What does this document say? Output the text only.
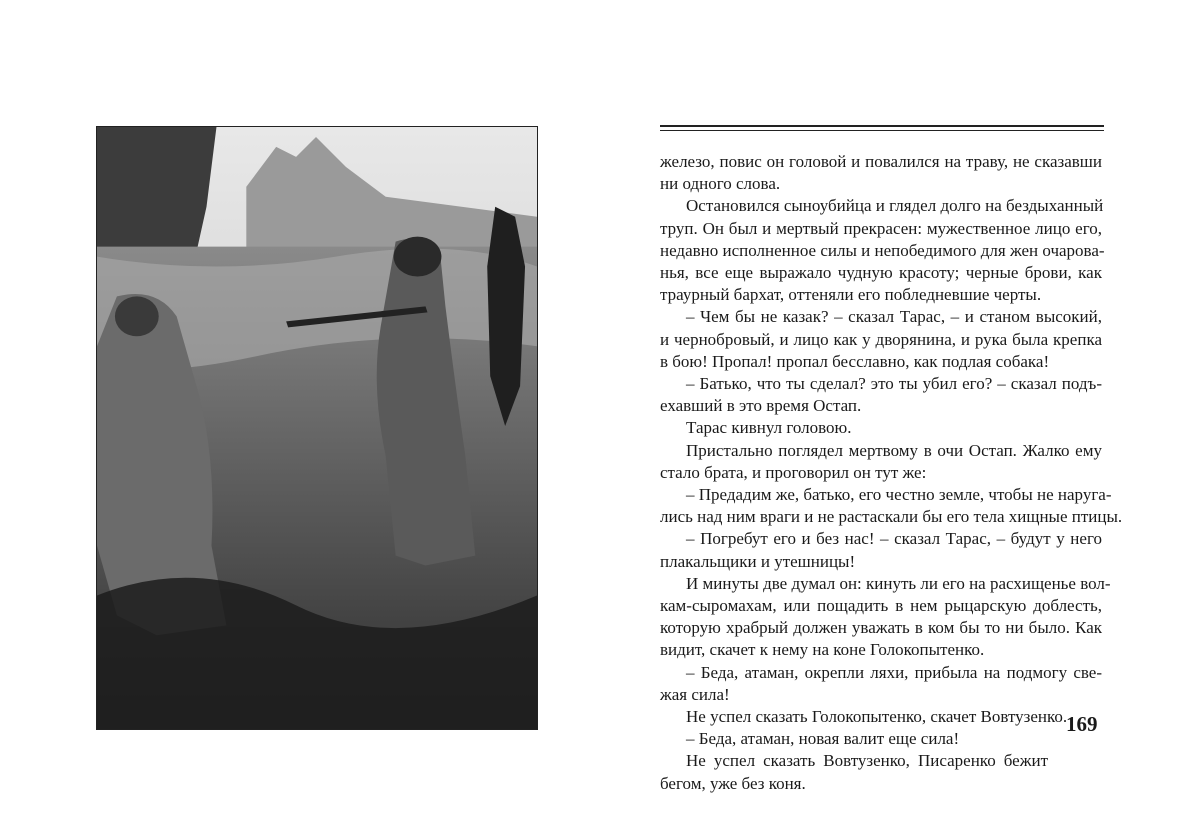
железо, повис он головой и повалился на траву, не сказавши
ни одного слова.
Остановился сыноубийца и глядел долго на бездыханный
труп. Он был и мертвый прекрасен: мужественное лицо его,
недавно исполненное силы и непобедимого для жен очарова-
нья, все еще выражало чудную красоту; черные брови, как
траурный бархат, оттеняли его побледневшие черты.
– Чем бы не казак? – сказал Тарас, – и станом высокий,
и чернобровый, и лицо как у дворянина, и рука была крепка
в бою! Пропал! пропал бесславно, как подлая собака!
– Батько, что ты сделал? это ты убил его? – сказал подъ-
ехавший в это время Остап.
Тарас кивнул головою.
Пристально поглядел мертвому в очи Остап. Жалко ему
стало брата, и проговорил он тут же:
– Предадим же, батько, его честно земле, чтобы не наруга-
лись над ним враги и не растаскали бы его тела хищные птицы.
– Погребут его и без нас! – сказал Тарас, – будут у него
плакальщики и утешницы!
И минуты две думал он: кинуть ли его на расхищенье вол-
кам-сыромахам, или пощадить в нем рыцарскую доблесть,
которую храбрый должен уважать в ком бы то ни было. Как
видит, скачет к нему на коне Голокопытенко.
– Беда, атаман, окрепли ляхи, прибыла на подмогу све-
жая сила!
Не успел сказать Голокопытенко, скачет Вовтузенко.
– Беда, атаман, новая валит еще сила!
Не успел сказать Вовтузенко, Писаренко бежит
бегом, уже без коня.
169
